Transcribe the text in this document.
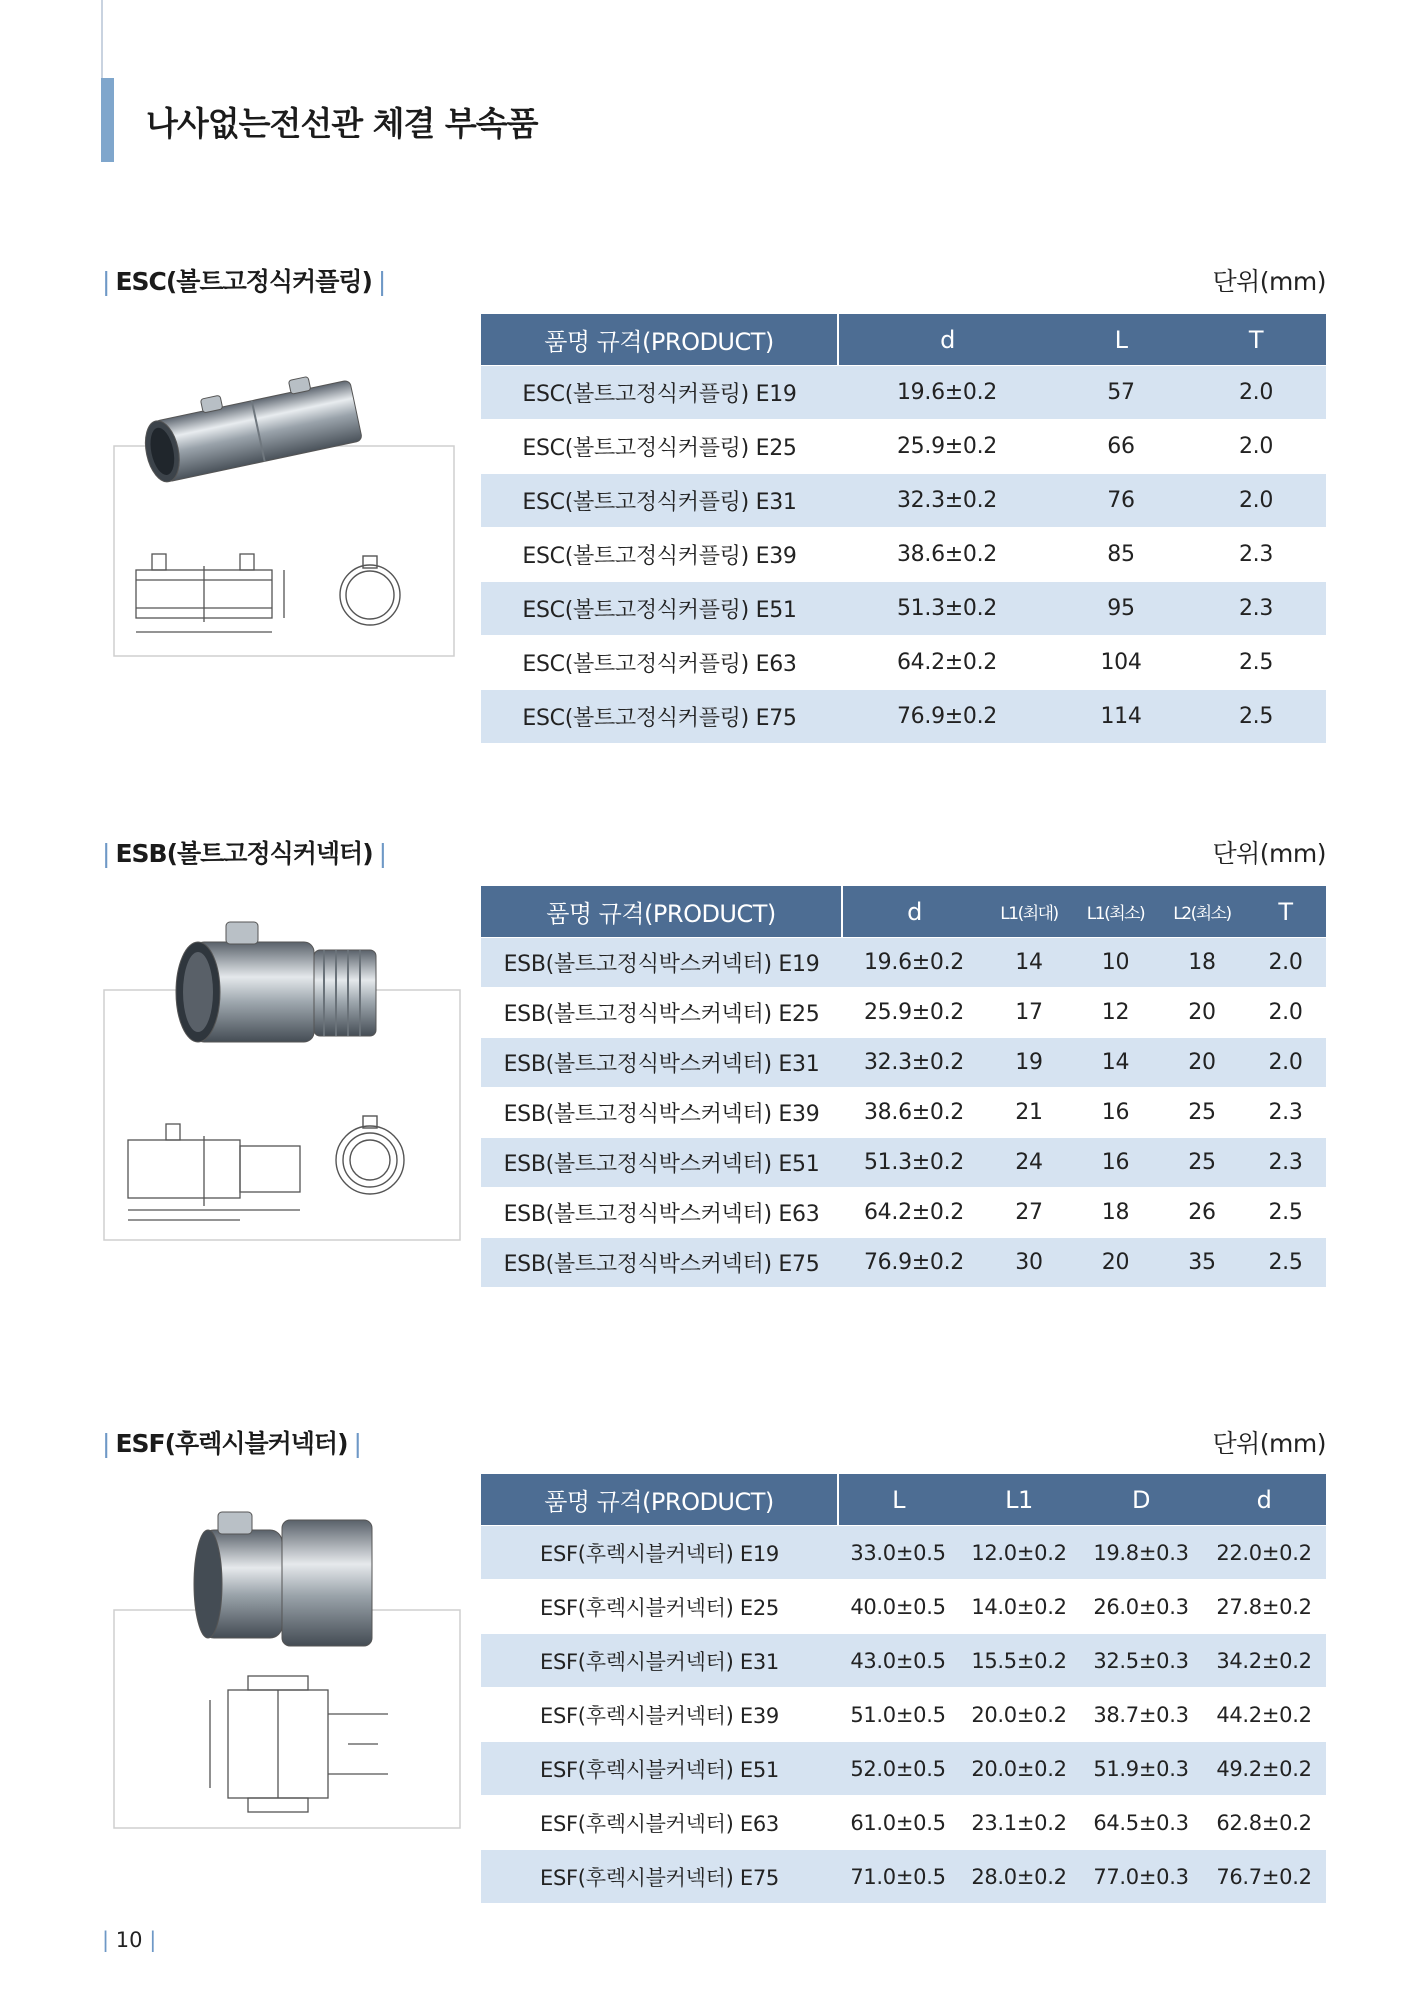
나사없는전선관 체결 부속품
| ESC(볼트고정식커플링) |	단위(mm)
품명 규격(PRODUCT)	d	L	T
ESC(볼트고정식커플링) E19	19.6±0.2	57	2.0
ESC(볼트고정식커플링) E25	25.9±0.2	66	2.0
ESC(볼트고정식커플링) E31	32.3±0.2	76	2.0
ESC(볼트고정식커플링) E39	38.6±0.2	85	2.3
ESC(볼트고정식커플링) E51	51.3±0.2	95	2.3
ESC(볼트고정식커플링) E63	64.2±0.2	104	2.5
ESC(볼트고정식커플링) E75	76.9±0.2	114	2.5
| ESB(볼트고정식커넥터) |	단위(mm)
품명 규격(PRODUCT)	d	L1(최대)	L1(최소)	L2(최소)	T
ESB(볼트고정식박스커넥터) E19	19.6±0.2	14	10	18	2.0
ESB(볼트고정식박스커넥터) E25	25.9±0.2	17	12	20	2.0
ESB(볼트고정식박스커넥터) E31	32.3±0.2	19	14	20	2.0
ESB(볼트고정식박스커넥터) E39	38.6±0.2	21	16	25	2.3
ESB(볼트고정식박스커넥터) E51	51.3±0.2	24	16	25	2.3
ESB(볼트고정식박스커넥터) E63	64.2±0.2	27	18	26	2.5
ESB(볼트고정식박스커넥터) E75	76.9±0.2	30	20	35	2.5
| ESF(후렉시블커넥터) |	단위(mm)
품명 규격(PRODUCT)	L	L1	D	d
ESF(후렉시블커넥터) E19	33.0±0.5	12.0±0.2	19.8±0.3	22.0±0.2
ESF(후렉시블커넥터) E25	40.0±0.5	14.0±0.2	26.0±0.3	27.8±0.2
ESF(후렉시블커넥터) E31	43.0±0.5	15.5±0.2	32.5±0.3	34.2±0.2
ESF(후렉시블커넥터) E39	51.0±0.5	20.0±0.2	38.7±0.3	44.2±0.2
ESF(후렉시블커넥터) E51	52.0±0.5	20.0±0.2	51.9±0.3	49.2±0.2
ESF(후렉시블커넥터) E63	61.0±0.5	23.1±0.2	64.5±0.3	62.8±0.2
ESF(후렉시블커넥터) E75	71.0±0.5	28.0±0.2	77.0±0.3	76.7±0.2
| 10 |
